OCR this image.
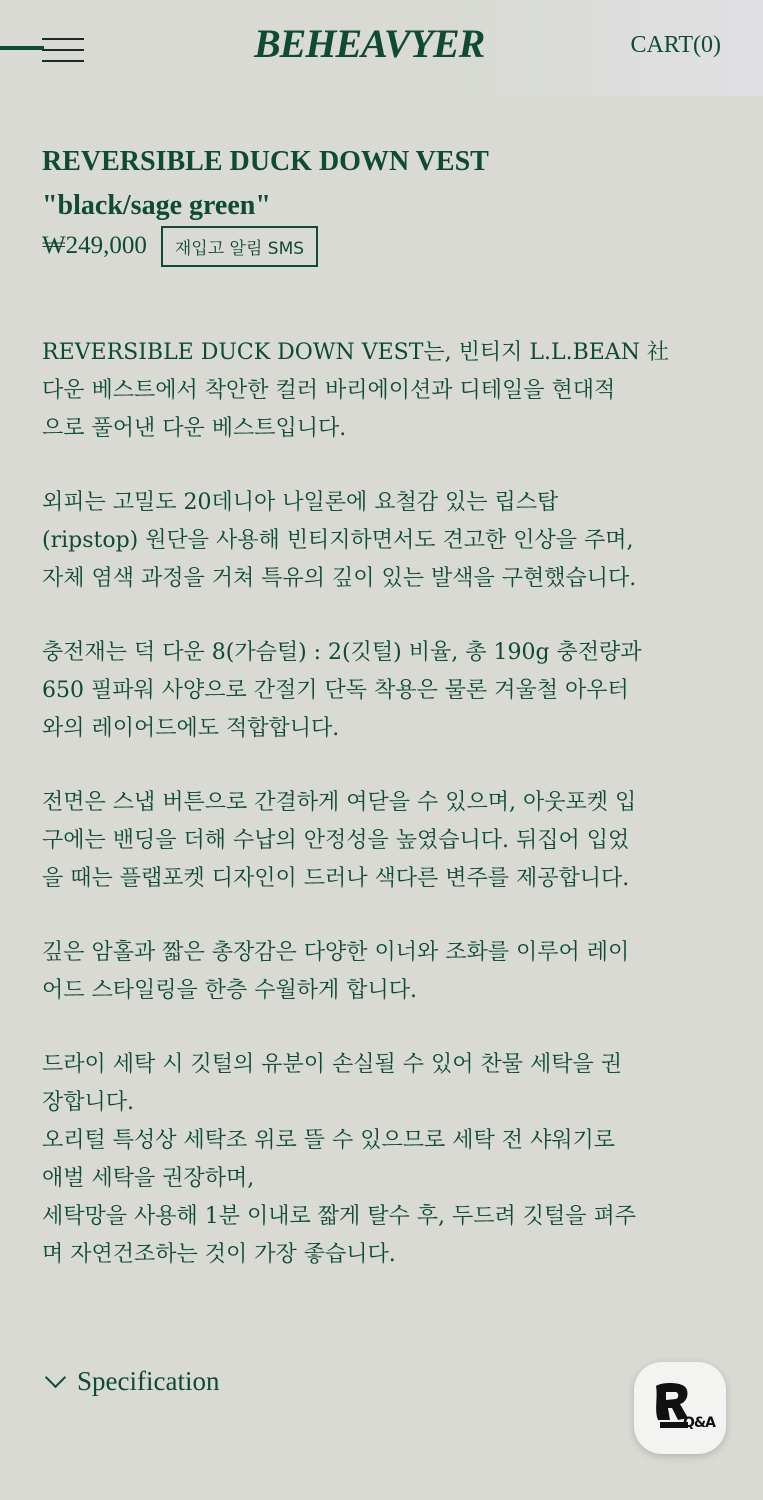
BEHEAVYER	CART(0)
REVERSIBLE DUCK DOWN VEST
"black/sage green"
₩249,000	재입고 알림 SMS

REVERSIBLE DUCK DOWN VEST는, 빈티지 L.L.BEAN 社
다운 베스트에서 착안한 컬러 바리에이션과 디테일을 현대적
으로 풀어낸 다운 베스트입니다.

외피는 고밀도 20데니아 나일론에 요철감 있는 립스탑
(ripstop) 원단을 사용해 빈티지하면서도 견고한 인상을 주며,
자체 염색 과정을 거쳐 특유의 깊이 있는 발색을 구현했습니다.

충전재는 덕 다운 8(가슴털) : 2(깃털) 비율, 총 190g 충전량과
650 필파워 사양으로 간절기 단독 착용은 물론 겨울철 아우터
와의 레이어드에도 적합합니다.

전면은 스냅 버튼으로 간결하게 여닫을 수 있으며, 아웃포켓 입
구에는 밴딩을 더해 수납의 안정성을 높였습니다. 뒤집어 입었
을 때는 플랩포켓 디자인이 드러나 색다른 변주를 제공합니다.

깊은 암홀과 짧은 총장감은 다양한 이너와 조화를 이루어 레이
어드 스타일링을 한층 수월하게 합니다.

드라이 세탁 시 깃털의 유분이 손실될 수 있어 찬물 세탁을 권
장합니다.
오리털 특성상 세탁조 위로 뜰 수 있으므로 세탁 전 샤워기로
애벌 세탁을 권장하며,
세탁망을 사용해 1분 이내로 짧게 탈수 후, 두드려 깃털을 펴주
며 자연건조하는 것이 가장 좋습니다.

Specification
Q&A
